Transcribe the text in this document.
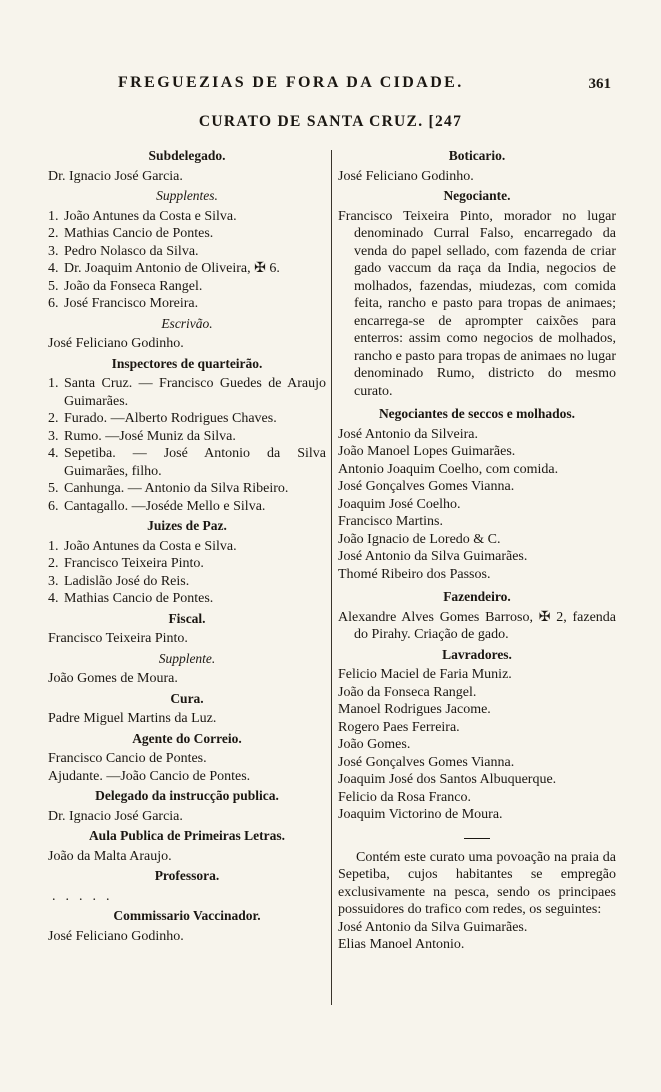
FREGUEZIAS DE FORA DA CIDADE.	361
CURATO DE SANTA CRUZ. [247
Subdelegado.
Dr. Ignacio José Garcia.
Supplentes.
1. João Antunes da Costa e Silva.
2. Mathias Cancio de Pontes.
3. Pedro Nolasco da Silva.
4. Dr. Joaquim Antonio de Oliveira, ✠ 6.
5. João da Fonseca Rangel.
6. José Francisco Moreira.
Escrivão.
José Feliciano Godinho.
Inspectores de quarteirão.
1. Santa Cruz. — Francisco Guedes de Araujo Guimarães.
2. Furado. —Alberto Rodrigues Chaves.
3. Rumo. —José Muniz da Silva.
4. Sepetiba. — José Antonio da Silva Guimarães, filho.
5. Canhunga. — Antonio da Silva Ribeiro.
6. Cantagallo. —Joséde Mello e Silva.
Juizes de Paz.
1. João Antunes da Costa e Silva.
2. Francisco Teixeira Pinto.
3. Ladislão José do Reis.
4. Mathias Cancio de Pontes.
Fiscal.
Francisco Teixeira Pinto.
Supplente.
João Gomes de Moura.
Cura.
Padre Miguel Martins da Luz.
Agente do Correio.
Francisco Cancio de Pontes.
Ajudante. —João Cancio de Pontes.
Delegado da instrucção publica.
Dr. Ignacio José Garcia.
Aula Publica de Primeiras Letras.
João da Malta Araujo.
Professora.
.....
Commissario Vaccinador.
José Feliciano Godinho.
Boticario.
José Feliciano Godinho.
Negociante.
Francisco Teixeira Pinto, morador no lugar denominado Curral Falso, encarregado da venda do papel sellado, com fazenda de criar gado vaccum da raça da India, negocios de molhados, fazendas, miudezas, com comida feita, rancho e pasto para tropas de animaes; encarrega-se de aprompter caixões para enterros: assim como negocios de molhados, rancho e pasto para tropas de animaes no lugar denominado Rumo, districto do mesmo curato.
Negociantes de seccos e molhados.
José Antonio da Silveira.
João Manoel Lopes Guimarães.
Antonio Joaquim Coelho, com comida.
José Gonçalves Gomes Vianna.
Joaquim José Coelho.
Francisco Martins.
João Ignacio de Loredo & C.
José Antonio da Silva Guimarães.
Thomé Ribeiro dos Passos.
Fazendeiro.
Alexandre Alves Gomes Barroso, ✠ 2, fazenda do Pirahy. Criação de gado.
Lavradores.
Felicio Maciel de Faria Muniz.
João da Fonseca Rangel.
Manoel Rodrigues Jacome.
Rogero Paes Ferreira.
João Gomes.
José Gonçalves Gomes Vianna.
Joaquim José dos Santos Albuquerque.
Felicio da Rosa Franco.
Joaquim Victorino de Moura.
Contém este curato uma povoação na praia da Sepetiba, cujos habitantes se empregão exclusivamente na pesca, sendo os principaes possuidores do trafico com redes, os seguintes:
José Antonio da Silva Guimarães.
Elias Manoel Antonio.
